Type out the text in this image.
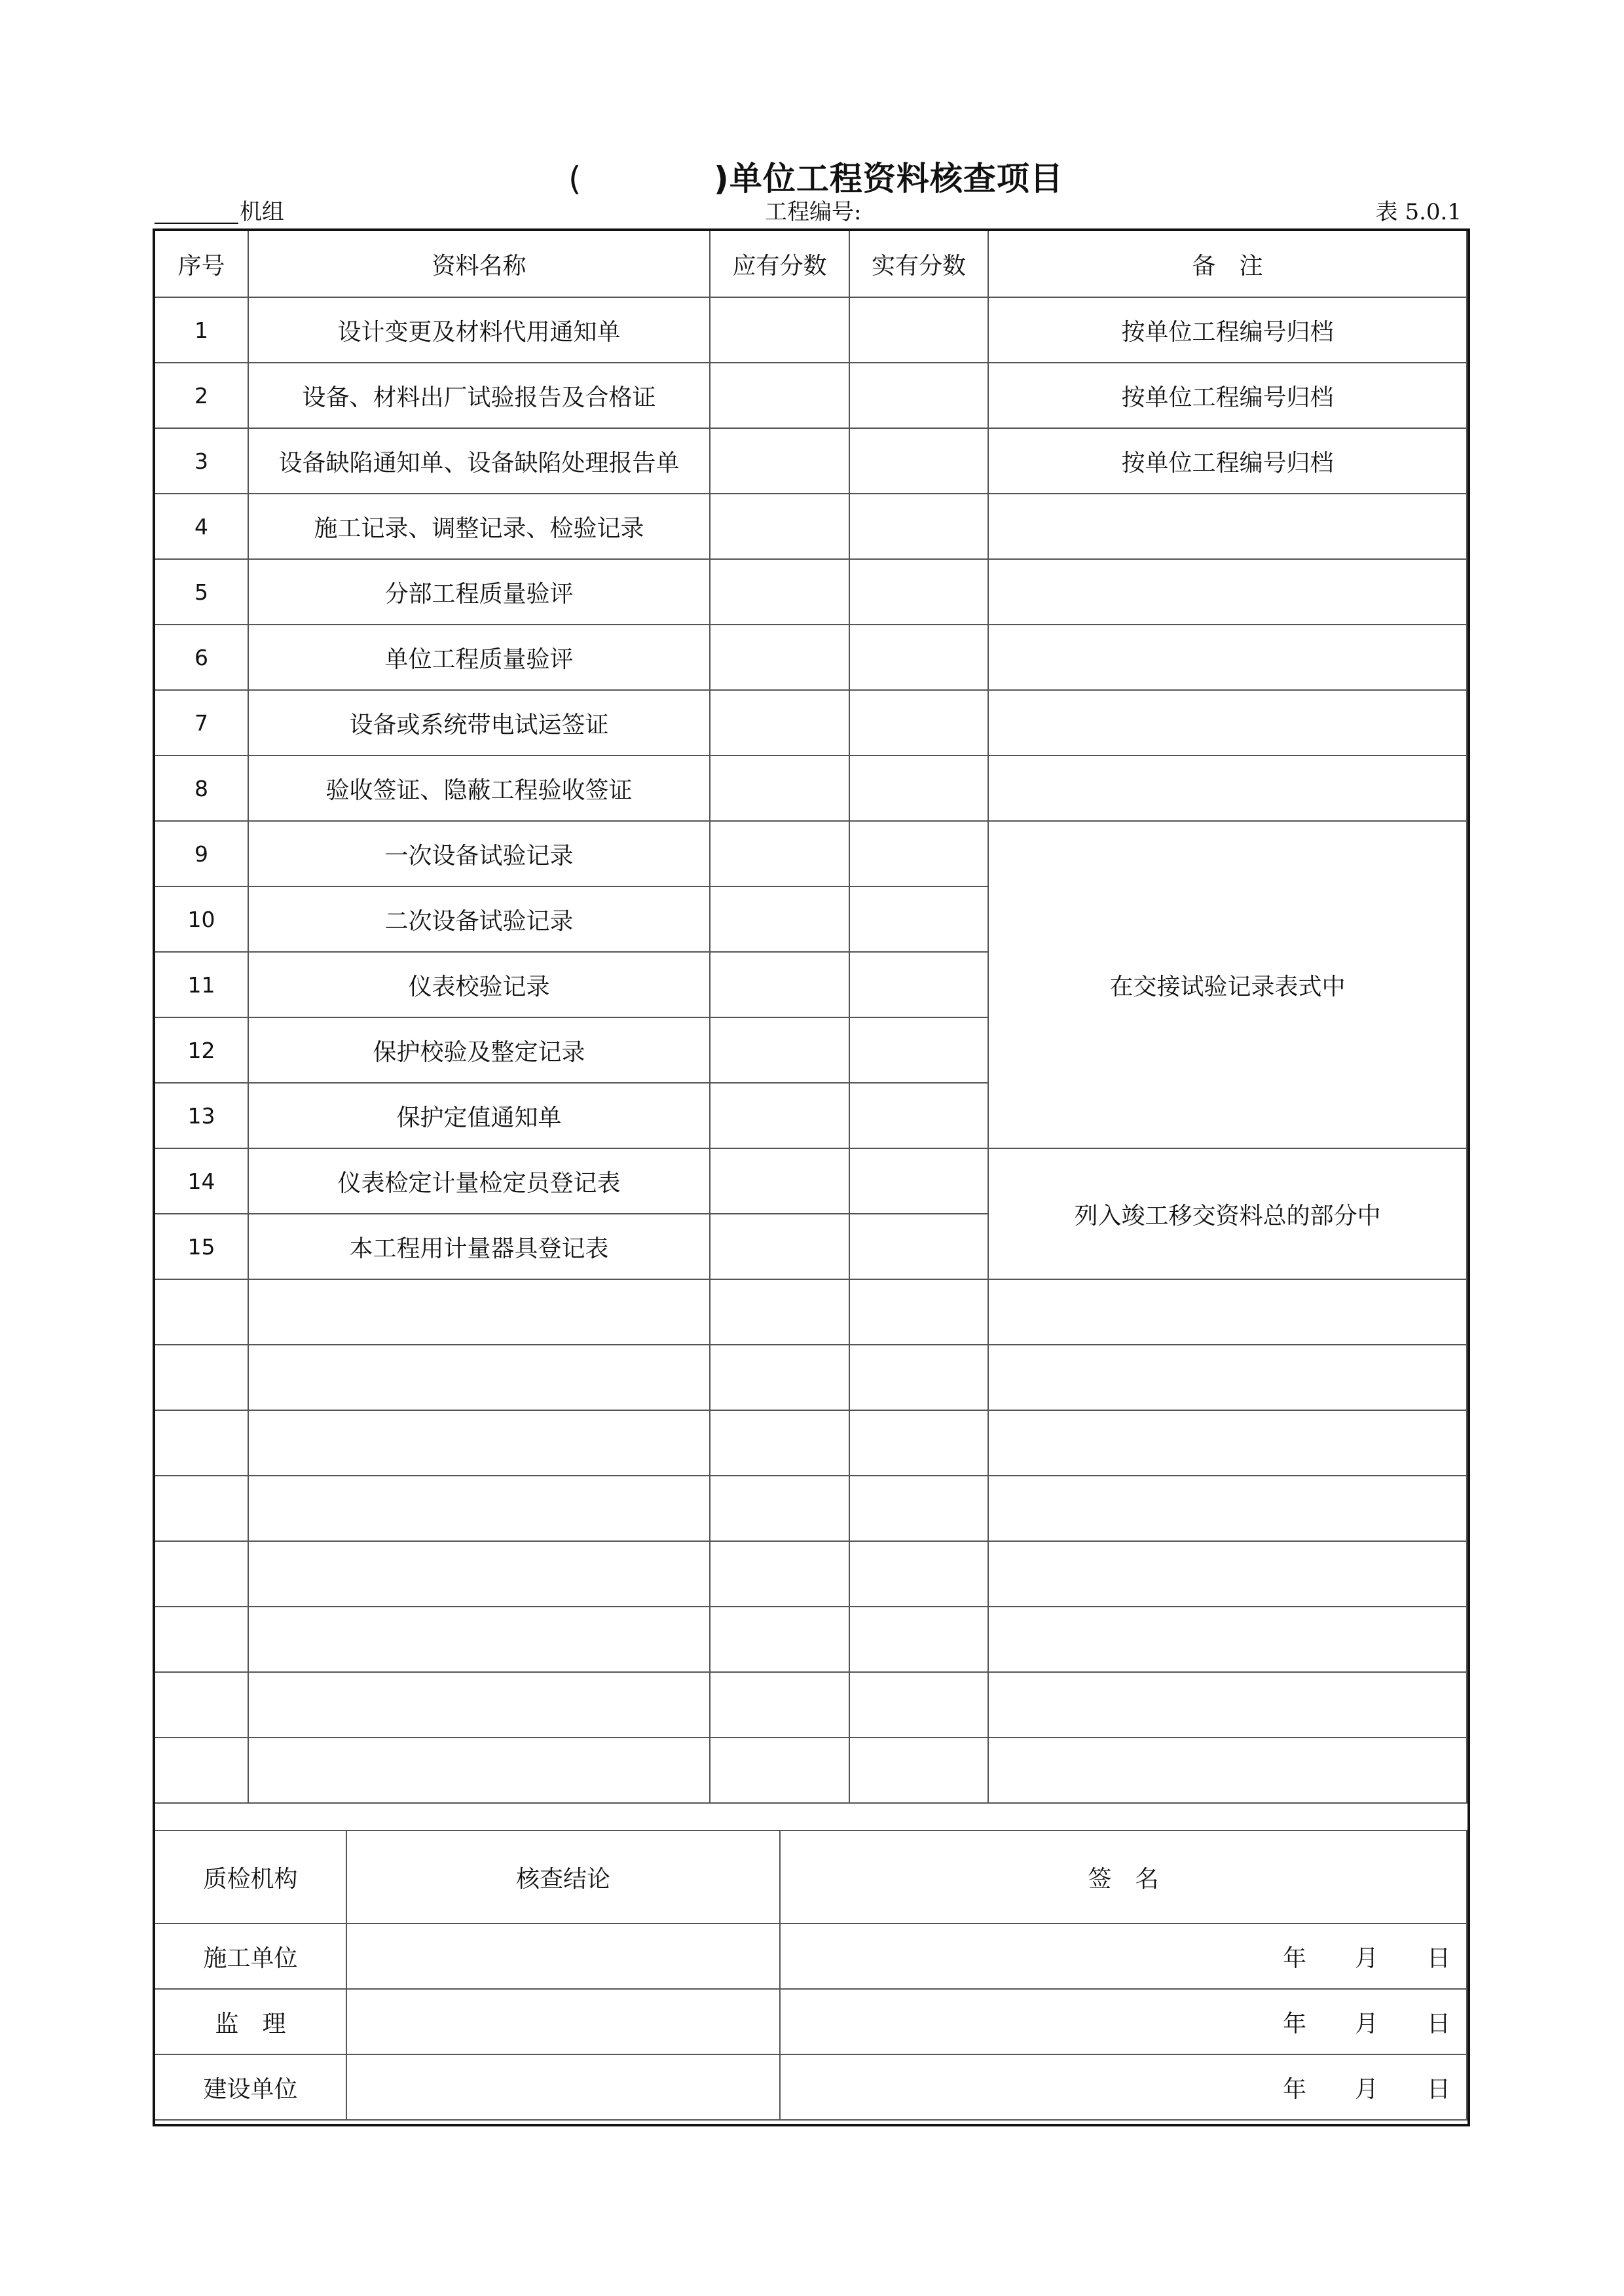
(	)单位工程资料核查项目
机组	工程编号:	表 5.0.1
序号	资料名称	应有分数	实有分数	备　注
1	设计变更及材料代用通知单			按单位工程编号归档
2	设备、材料出厂试验报告及合格证			按单位工程编号归档
3	设备缺陷通知单、设备缺陷处理报告单			按单位工程编号归档
4	施工记录、调整记录、检验记录			
5	分部工程质量验评			
6	单位工程质量验评			
7	设备或系统带电试运签证			
8	验收签证、隐蔽工程验收签证			
9	一次设备试验记录			在交接试验记录表式中
10	二次设备试验记录			
11	仪表校验记录			
12	保护校验及整定记录			
13	保护定值通知单			
14	仪表检定计量检定员登记表			列入竣工移交资料总的部分中
15	本工程用计量器具登记表			

质检机构	核查结论	签　名
施工单位		年 月 日
监　理		年 月 日
建设单位		年 月 日
